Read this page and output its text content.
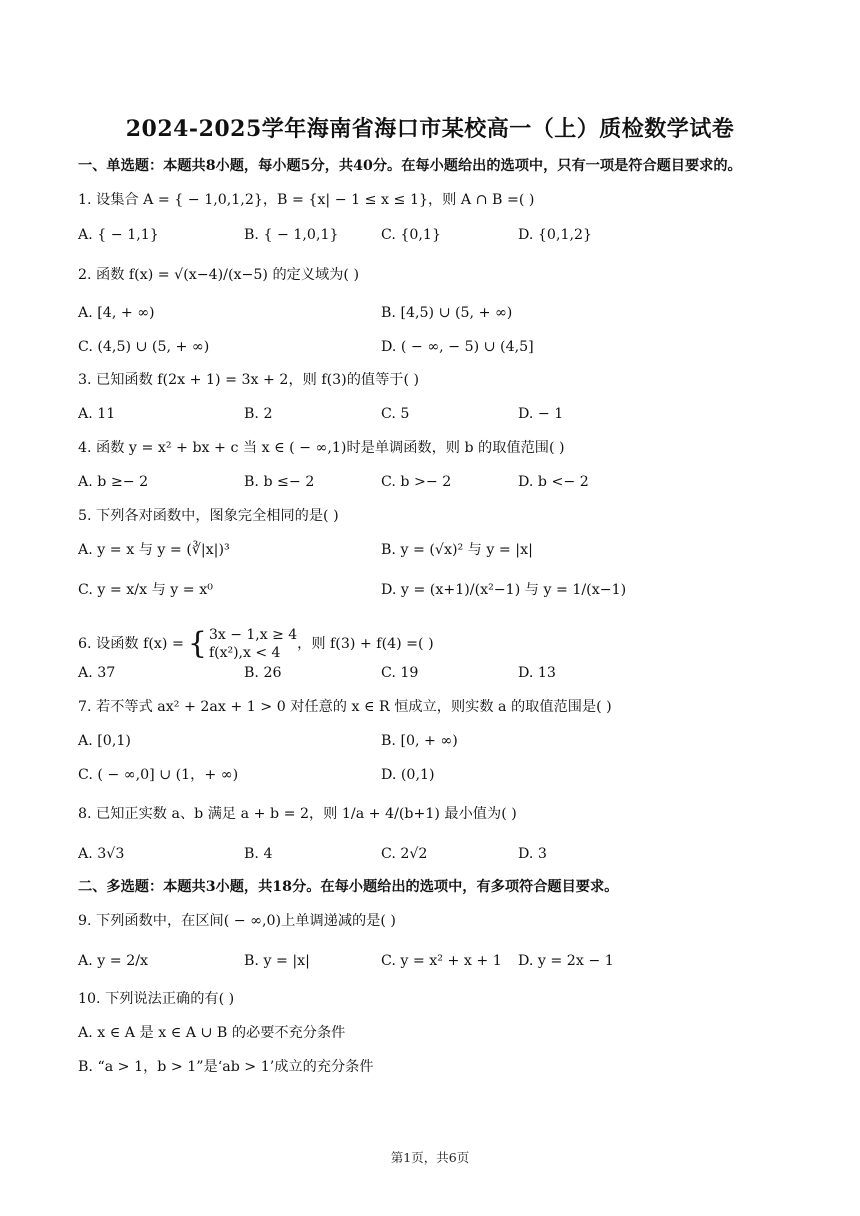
2024-2025学年海南省海口市某校高一（上）质检数学试卷
一、单选题：本题共8小题，每小题5分，共40分。在每小题给出的选项中，只有一项是符合题目要求的。
1. 设集合 A = { − 1,0,1,2}，B = {x| − 1 ≤ x ≤ 1}，则 A ∩ B =( )
A. { − 1,1}	B. { − 1,0,1}	C. {0,1}	D. {0,1,2}
2. 函数 f(x) = √(x−4)/(x−5) 的定义域为( )
A. [4, + ∞)	B. [4,5) ∪ (5, + ∞)
C. (4,5) ∪ (5, + ∞)	D. ( − ∞, − 5) ∪ (4,5]
3. 已知函数 f(2x + 1) = 3x + 2，则 f(3)的值等于( )
A. 11	B. 2	C. 5	D. − 1
4. 函数 y = x² + bx + c 当 x ∈ ( − ∞,1)时是单调函数，则 b 的取值范围( )
A. b ≥− 2	B. b ≤− 2	C. b >− 2	D. b <− 2
5. 下列各对函数中，图象完全相同的是( )
A. y = x 与 y = (∛|x|)³	B. y = (√x)² 与 y = |x|
C. y = x/x 与 y = x⁰	D. y = (x+1)/(x²−1) 与 y = 1/(x−1)
6. 设函数 f(x) = { 3x − 1,x ≥ 4
f(x²),x < 4
，则 f(3) + f(4) =( )
A. 37	B. 26	C. 19	D. 13
7. 若不等式 ax² + 2ax + 1 > 0 对任意的 x ∈ R 恒成立，则实数 a 的取值范围是( )
A. [0,1)	B. [0, + ∞)
C. ( − ∞,0] ∪ (1，+ ∞)	D. (0,1)
8. 已知正实数 a、b 满足 a + b = 2，则 1/a + 4/(b+1) 最小值为( )
A. 3√3	B. 4	C. 2√2	D. 3
二、多选题：本题共3小题，共18分。在每小题给出的选项中，有多项符合题目要求。
9. 下列函数中，在区间( − ∞,0)上单调递减的是( )
A. y = 2/x	B. y = |x|	C. y = x² + x + 1 D. y = 2x − 1
10. 下列说法正确的有( )
A. x ∈ A 是 x ∈ A ∪ B 的必要不充分条件
B. “a > 1，b > 1”是‘ab > 1’成立的充分条件
第1页，共6页
